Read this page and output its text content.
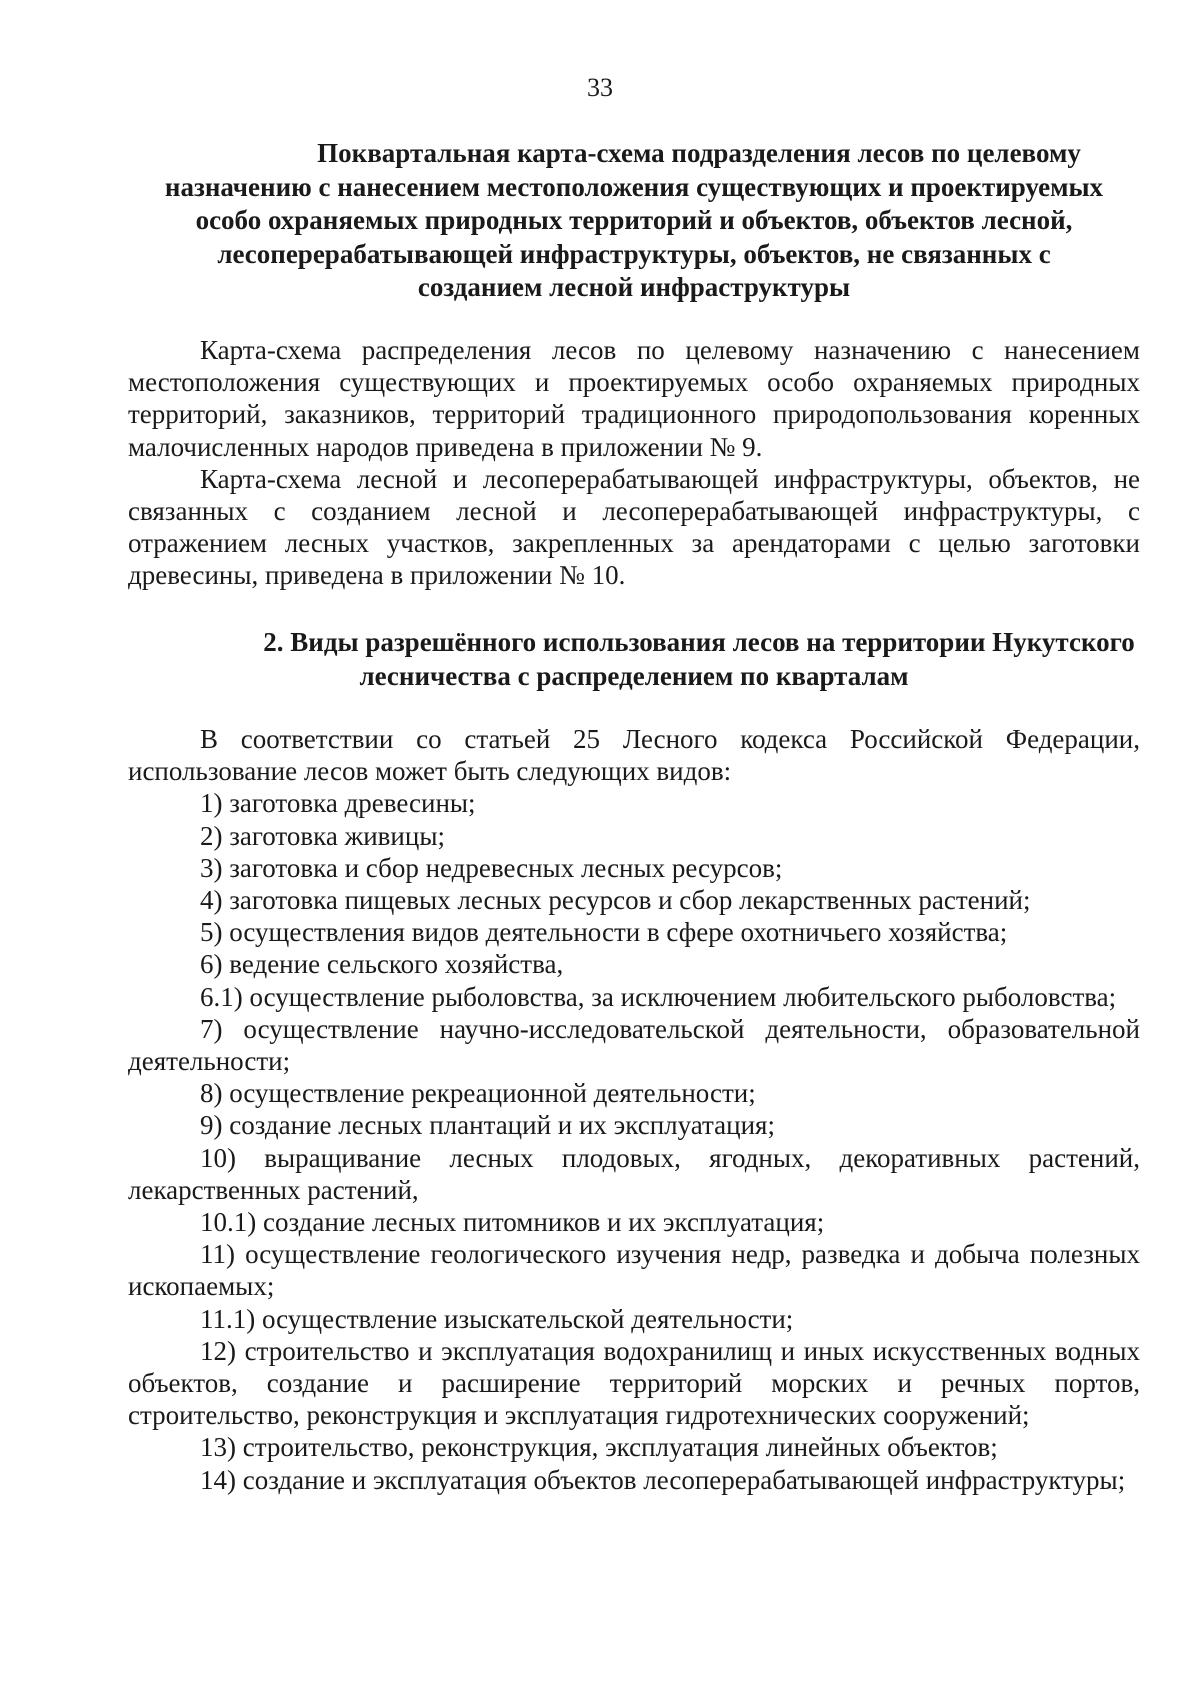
33
Поквартальная карта-схема подразделения лесов по целевому
назначению с нанесением местоположения существующих и проектируемых
особо охраняемых природных территорий и объектов, объектов лесной,
лесоперерабатывающей инфраструктуры, объектов, не связанных с
созданием лесной инфраструктуры

Карта-схема распределения лесов по целевому назначению с нанесением местоположения существующих и проектируемых особо охраняемых природных территорий, заказников, территорий традиционного природопользования коренных малочисленных народов приведена в приложении № 9.

Карта-схема лесной и лесоперерабатывающей инфраструктуры, объектов, не связанных с созданием лесной и лесоперерабатывающей инфраструктуры, с отражением лесных участков, закрепленных за арендаторами с целью заготовки древесины, приведена в приложении № 10.

2. Виды разрешённого использования лесов на территории Нукутского
лесничества с распределением по кварталам

В соответствии со статьей 25 Лесного кодекса Российской Федерации, использование лесов может быть следующих видов:

1) заготовка древесины;

2) заготовка живицы;

3) заготовка и сбор недревесных лесных ресурсов;

4) заготовка пищевых лесных ресурсов и сбор лекарственных растений;

5) осуществления видов деятельности в сфере охотничьего хозяйства;

6) ведение сельского хозяйства,

6.1) осуществление рыболовства, за исключением любительского рыболовства;

7) осуществление научно-исследовательской деятельности, образовательной деятельности;

8) осуществление рекреационной деятельности;

9) создание лесных плантаций и их эксплуатация;

10) выращивание лесных плодовых, ягодных, декоративных растений, лекарственных растений,

10.1) создание лесных питомников и их эксплуатация;

11) осуществление геологического изучения недр, разведка и добыча полезных ископаемых;

11.1) осуществление изыскательской деятельности;

12) строительство и эксплуатация водохранилищ и иных искусственных водных объектов, создание и расширение территорий морских и речных портов, строительство, реконструкция и эксплуатация гидротехнических сооружений;

13) строительство, реконструкция, эксплуатация линейных объектов;

14) создание и эксплуатация объектов лесоперерабатывающей инфраструктуры;
